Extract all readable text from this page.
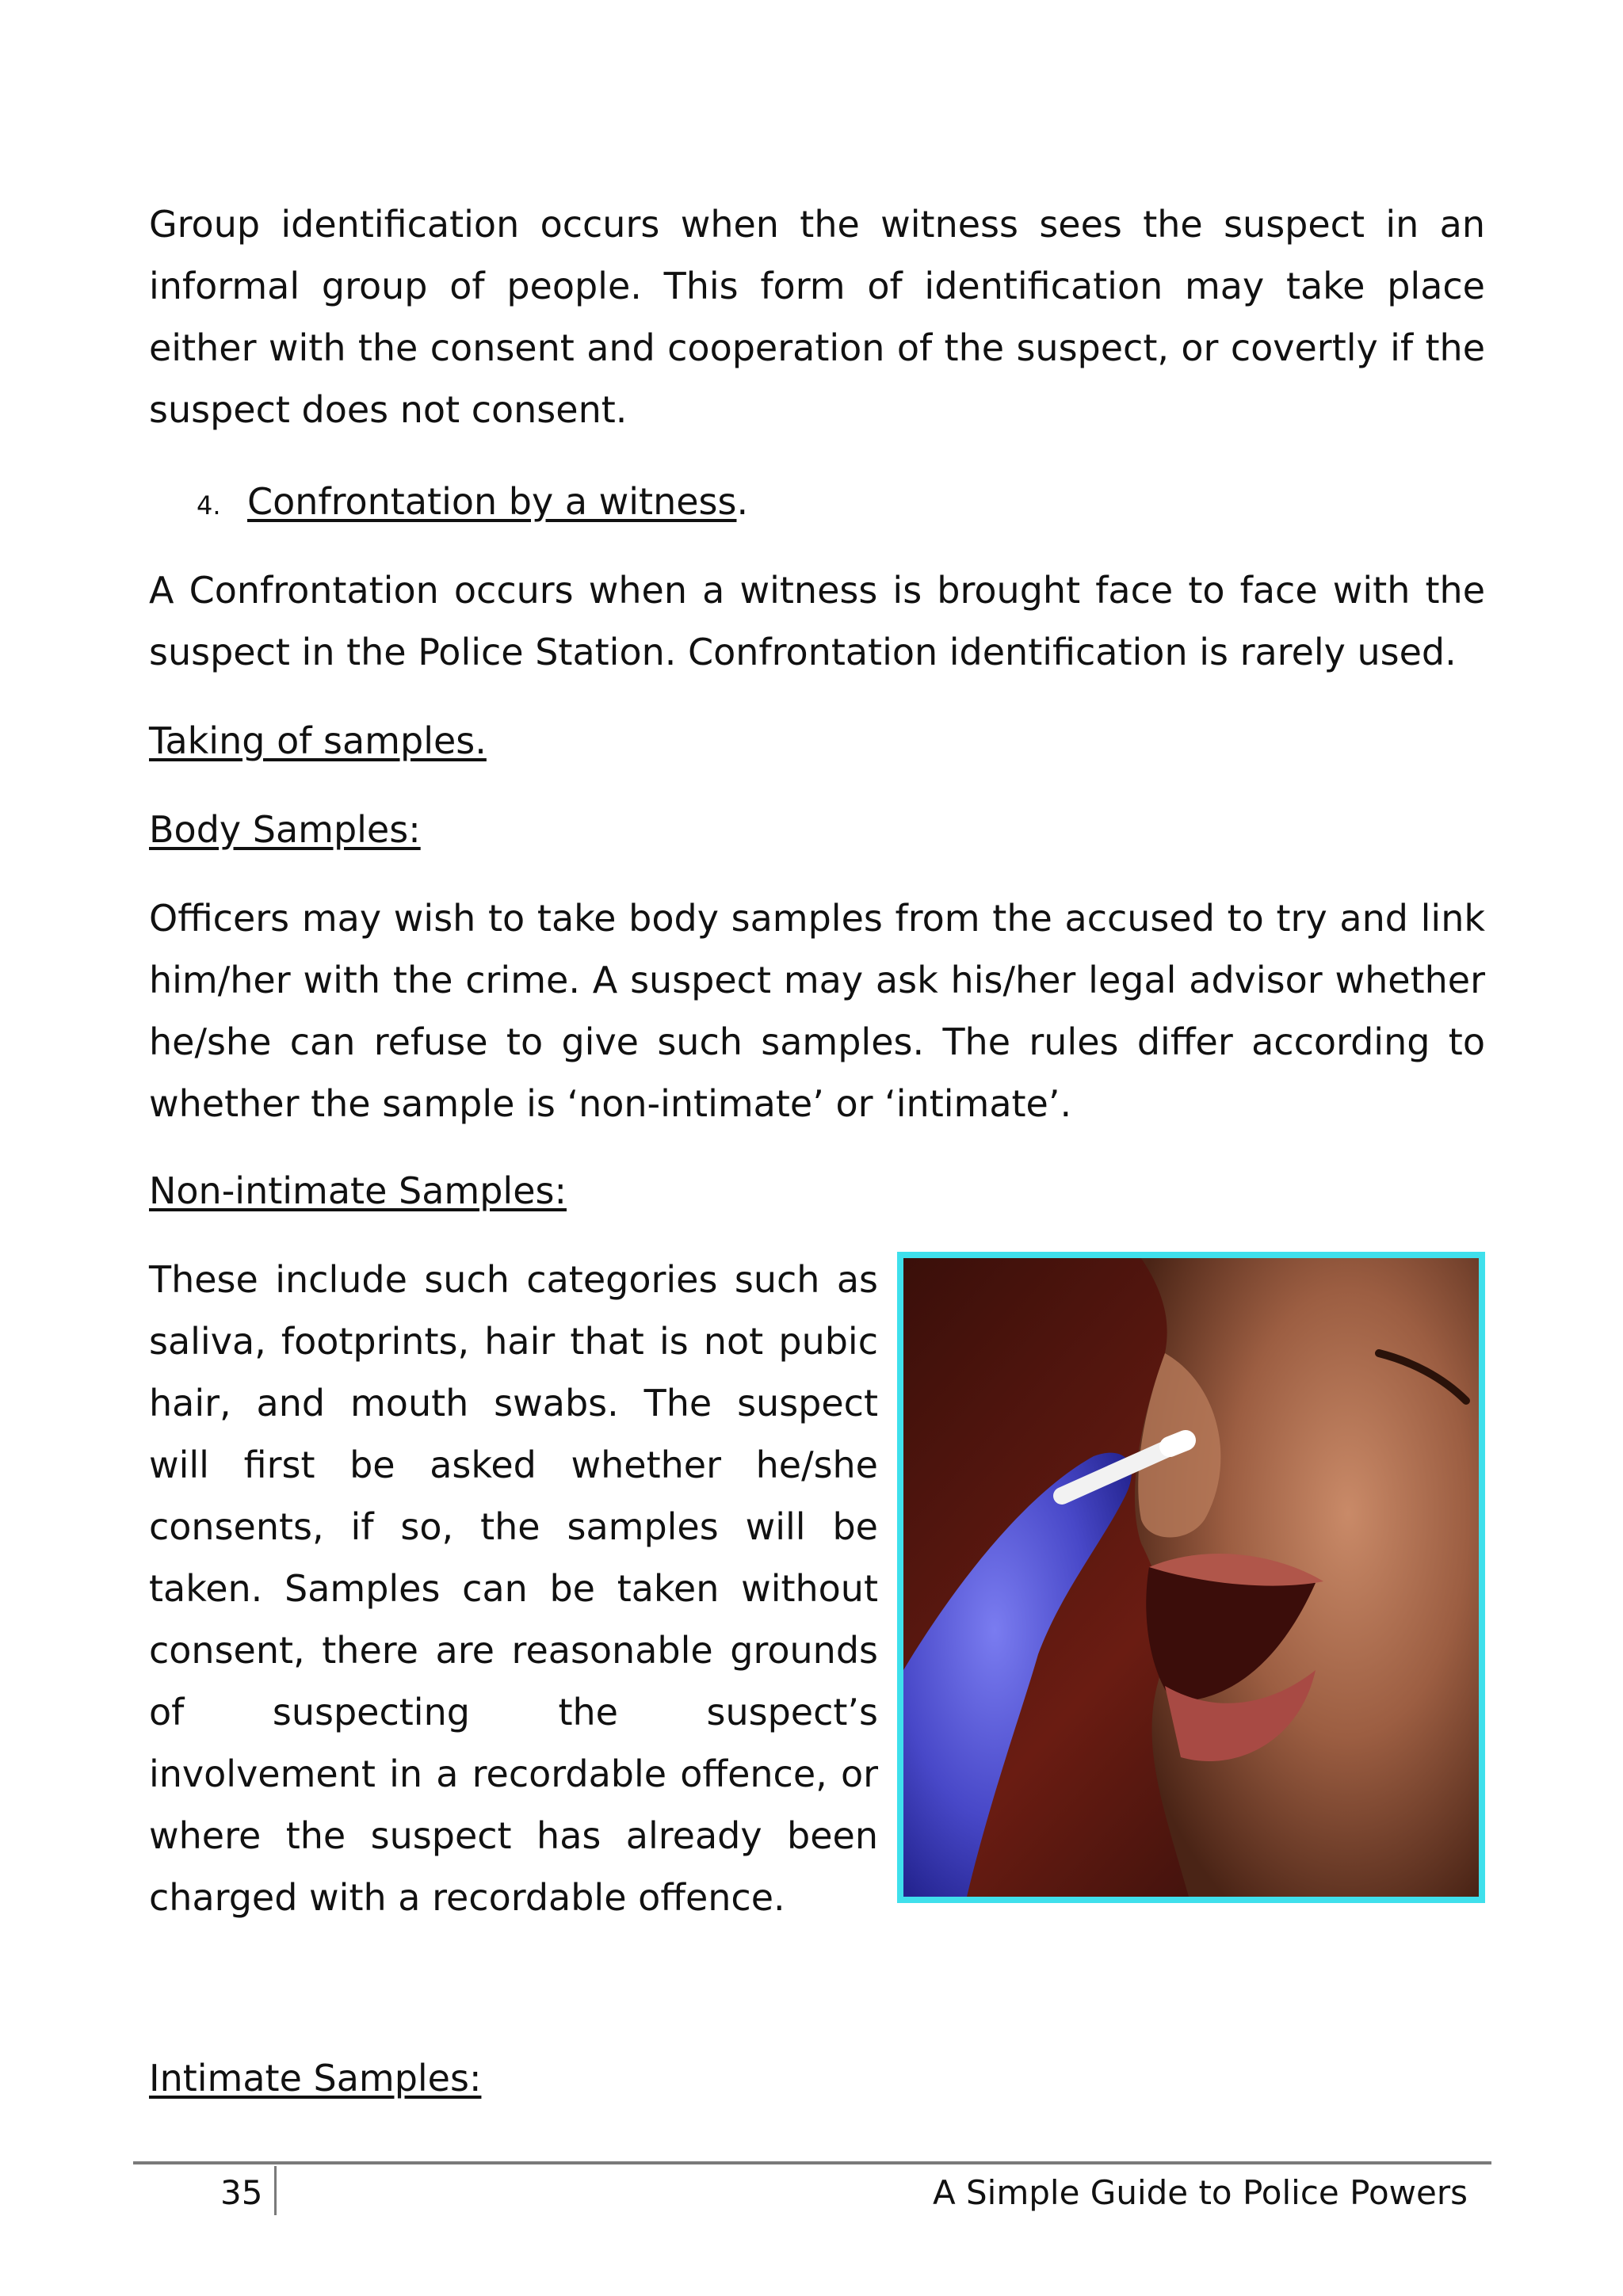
Group identification occurs when the witness sees the suspect in an informal group of people. This form of identification may take place either with the consent and cooperation of the suspect, or covertly if the suspect does not consent.

4. Confrontation by a witness.

A Confrontation occurs when a witness is brought face to face with the suspect in the Police Station. Confrontation identification is rarely used.

Taking of samples.

Body Samples:

Officers may wish to take body samples from the accused to try and link him/her with the crime. A suspect may ask his/her legal advisor whether he/she can refuse to give such samples. The rules differ according to whether the sample is ‘non-intimate’ or ‘intimate’.

Non-intimate Samples:

These include such categories such as saliva, footprints, hair that is not pubic hair, and mouth swabs. The suspect will first be asked whether he/she consents, if so, the samples will be taken. Samples can be taken without consent, there are reasonable grounds of suspecting the suspect’s involvement in a recordable offence, or where the suspect has already been charged with a recordable offence.

Intimate Samples:

35	A Simple Guide to Police Powers
